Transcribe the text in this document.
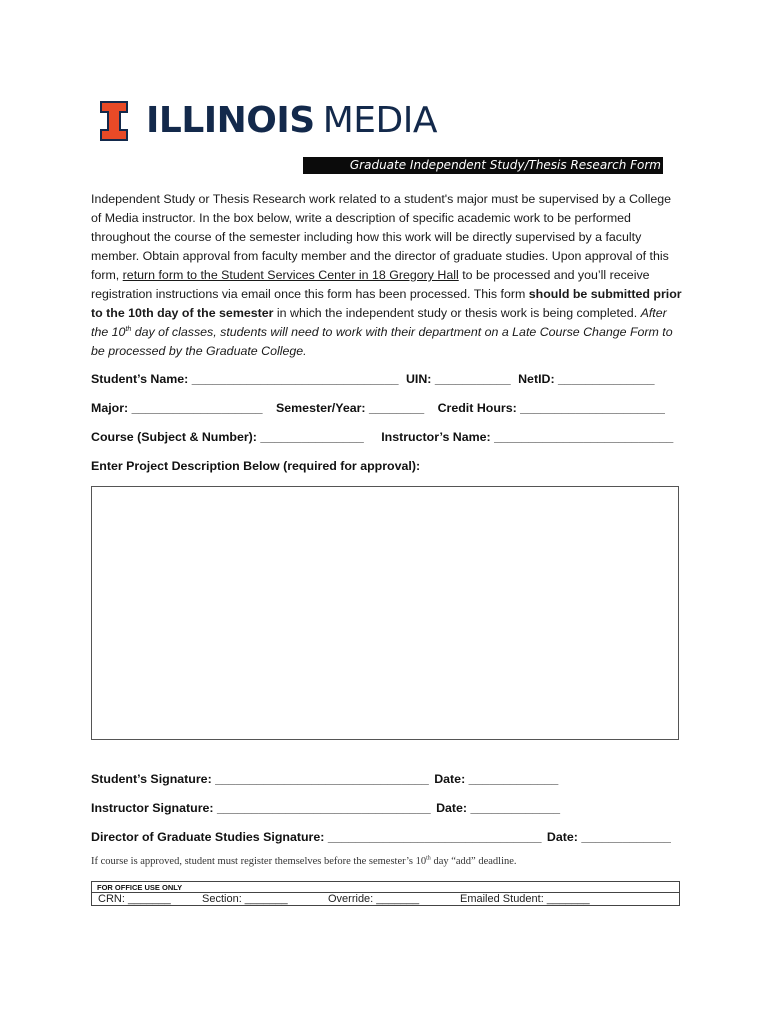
ILLINOIS MEDIA
Graduate Independent Study/Thesis Research Form
Independent Study or Thesis Research work related to a student's major must be supervised by a College of Media instructor. In the box below, write a description of specific academic work to be performed throughout the course of the semester including how this work will be directly supervised by a faculty member. Obtain approval from faculty member and the director of graduate studies. Upon approval of this form, return form to the Student Services Center in 18 Gregory Hall to be processed and you’ll receive registration instructions via email once this form has been processed. This form should be submitted prior to the 10th day of the semester in which the independent study or thesis work is being completed. After the 10th day of classes, students will need to work with their department on a Late Course Change Form to be processed by the Graduate College.
Student’s Name: ______________________________ UIN: ___________ NetID: ______________
Major: ___________________ Semester/Year: ________ Credit Hours: _____________________
Course (Subject & Number): _______________ Instructor’s Name: __________________________
Enter Project Description Below (required for approval):
Student’s Signature: _______________________________ Date: _____________
Instructor Signature: _______________________________ Date: _____________
Director of Graduate Studies Signature: _______________________________ Date: _____________
If course is approved, student must register themselves before the semester’s 10th day “add” deadline.
FOR OFFICE USE ONLY
CRN: _______	Section: _______	Override: _______	Emailed Student: _______
